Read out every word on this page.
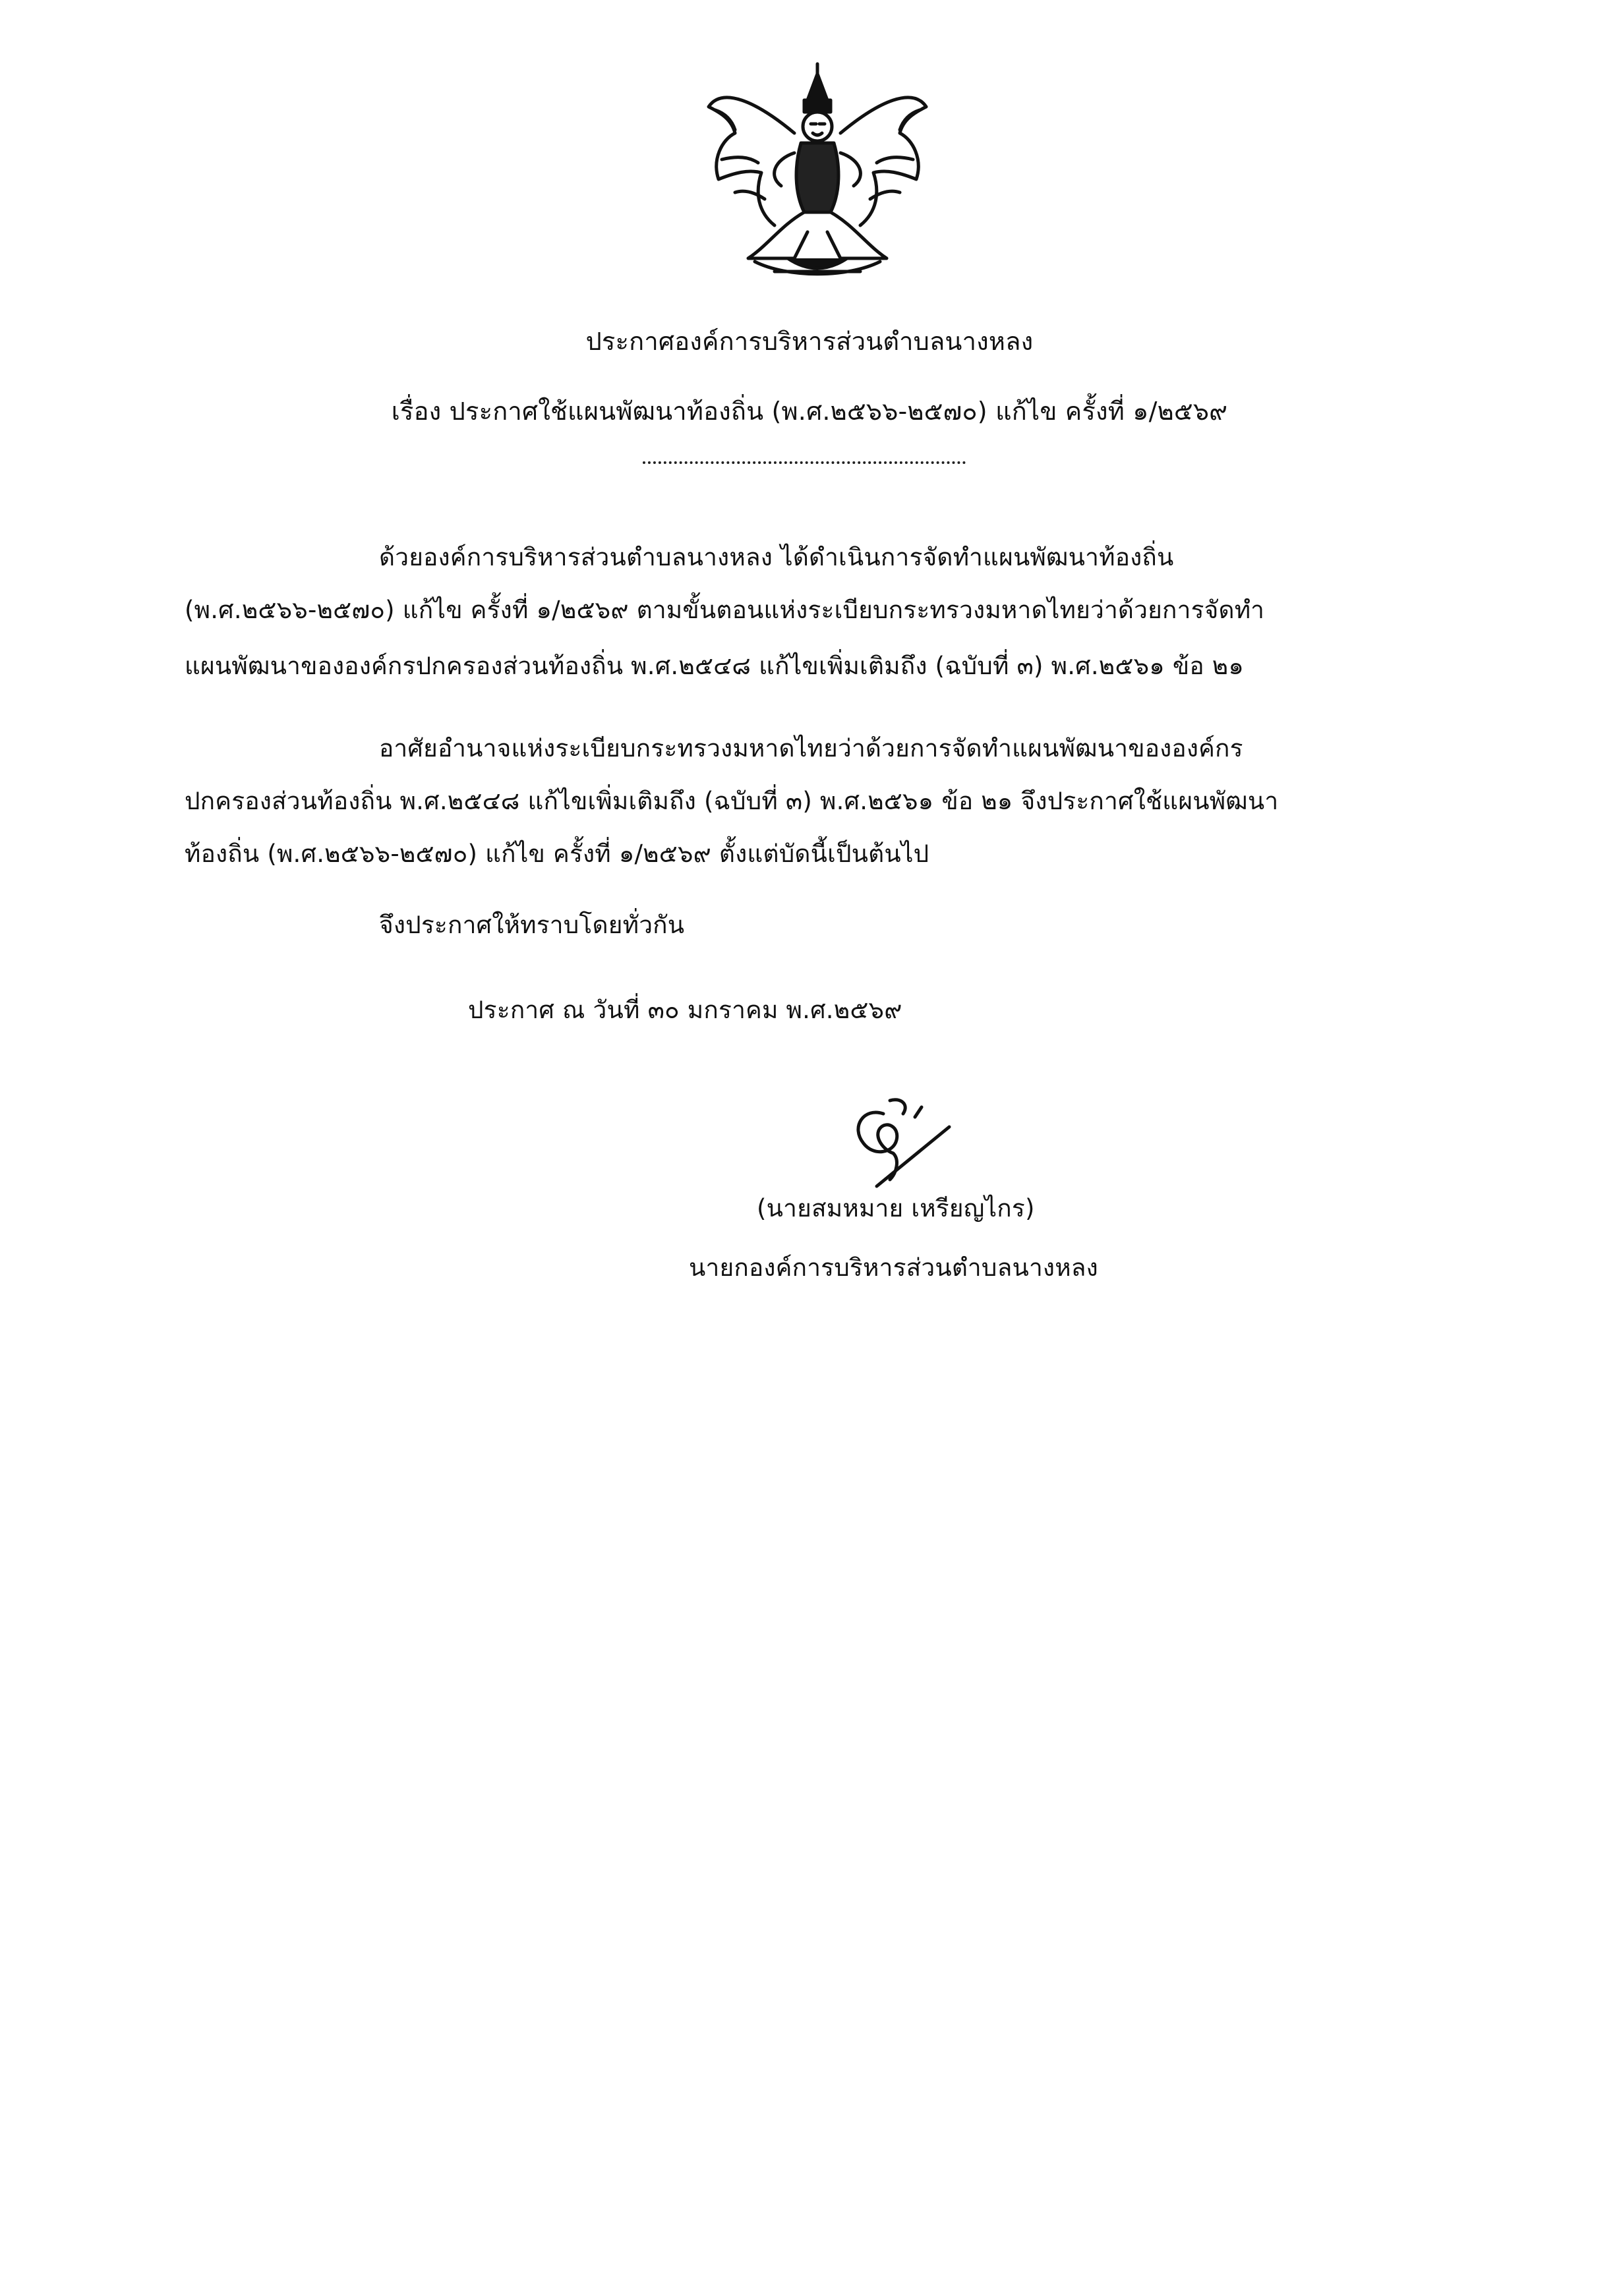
ประกาศองค์การบริหารส่วนตำบลนางหลง
เรื่อง ประกาศใช้แผนพัฒนาท้องถิ่น (พ.ศ.๒๕๖๖-๒๕๗๐) แก้ไข ครั้งที่ ๑/๒๕๖๙
ด้วยองค์การบริหารส่วนตำบลนางหลง ได้ดำเนินการจัดทำแผนพัฒนาท้องถิ่น
(พ.ศ.๒๕๖๖-๒๕๗๐) แก้ไข ครั้งที่ ๑/๒๕๖๙ ตามขั้นตอนแห่งระเบียบกระทรวงมหาดไทยว่าด้วยการจัดทำ
แผนพัฒนาขององค์กรปกครองส่วนท้องถิ่น พ.ศ.๒๕๔๘ แก้ไขเพิ่มเติมถึง (ฉบับที่ ๓) พ.ศ.๒๕๖๑ ข้อ ๒๑
อาศัยอำนาจแห่งระเบียบกระทรวงมหาดไทยว่าด้วยการจัดทำแผนพัฒนาขององค์กร
ปกครองส่วนท้องถิ่น พ.ศ.๒๕๔๘ แก้ไขเพิ่มเติมถึง (ฉบับที่ ๓) พ.ศ.๒๕๖๑ ข้อ ๒๑ จึงประกาศใช้แผนพัฒนา
ท้องถิ่น (พ.ศ.๒๕๖๖-๒๕๗๐) แก้ไข ครั้งที่ ๑/๒๕๖๙ ตั้งแต่บัดนี้เป็นต้นไป
จึงประกาศให้ทราบโดยทั่วกัน
ประกาศ ณ วันที่ ๓๐ มกราคม พ.ศ.๒๕๖๙
(นายสมหมาย เหรียญไกร)
นายกองค์การบริหารส่วนตำบลนางหลง
